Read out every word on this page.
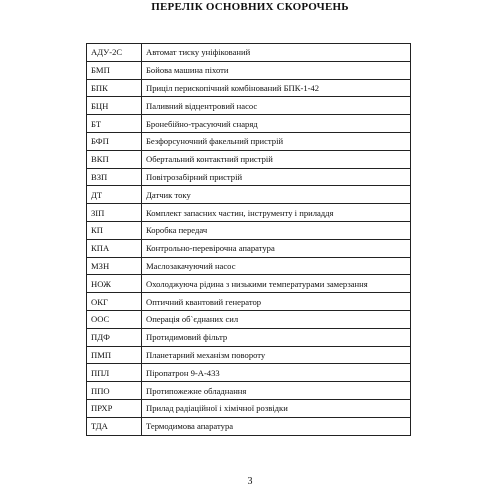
ПЕРЕЛІК ОСНОВНИХ СКОРОЧЕНЬ
АДУ-2С	Автомат тиску уніфікований
БМП	Бойова машина піхоти
БПК	Приціл перископічний комбінований БПК-1-42
БЦН	Паливний відцентровий насос
БТ	Бронебійно-трасуючий снаряд
БФП	Безфорсуночний факельний пристрій
ВКП	Обертальний контактний пристрій
ВЗП	Повітрозабірний пристрій
ДТ	Датчик току
ЗІП	Комплект запасних частин, інструменту і приладдя
КП	Коробка передач
КПА	Контрольно-перевірочна апаратура
МЗН	Маслозакачуючий насос
НОЖ	Охолоджуюча рідина з низькими температурами замерзання
ОКГ	Оптичний квантовий генератор
ООС	Операція об`єднаних сил
ПДФ	Протидимовий фільтр
ПМП	Планетарний механізм повороту
ППЛ	Піропатрон 9-А-433
ППО	Протипожежне обладнання
ПРХР	Прилад радіаційної і хімічної розвідки
ТДА	Термодимова апаратура
3
